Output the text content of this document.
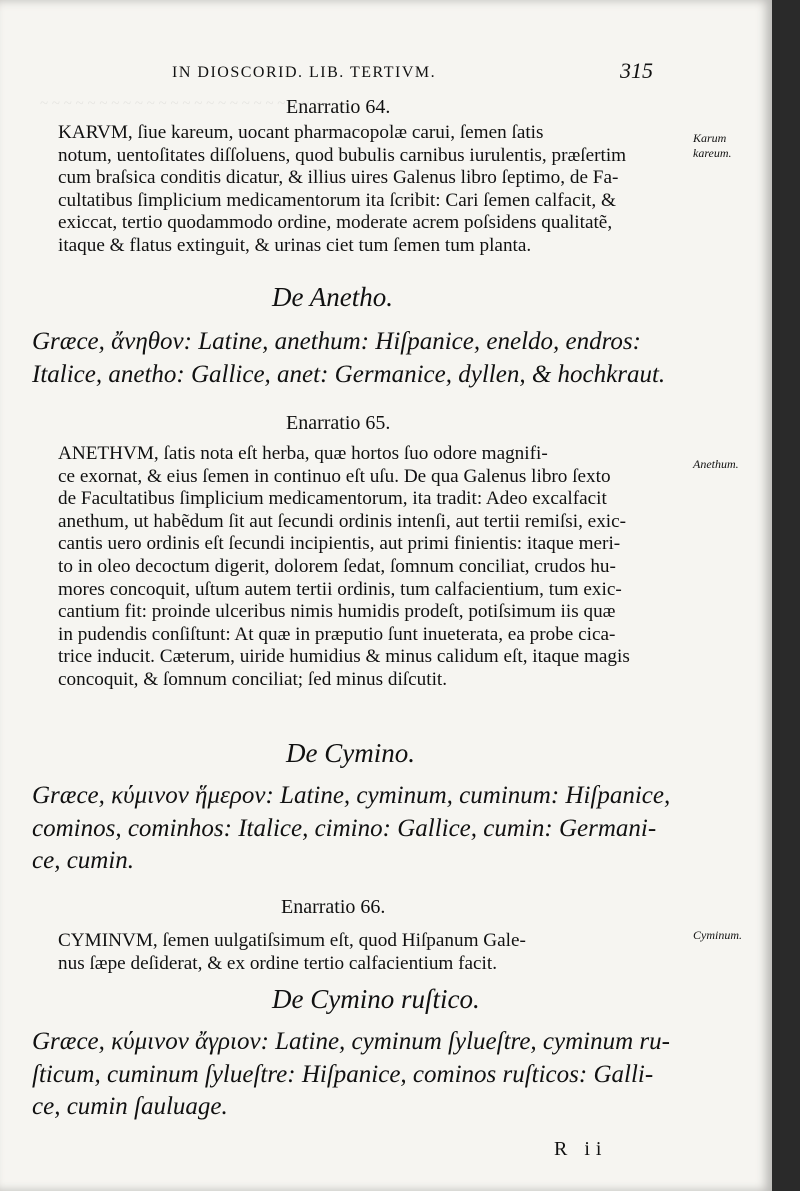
IN DIOSCORID. LIB. TERTIVM.	315
~ ~ ~ ~ ~ ~ ~ ~ ~ ~ ~ ~ ~ ~ ~ ~ ~ ~ ~ ~ ~ ~ ~ ~
Enarratio 64.
KARVM, ſiue kareum, uocant pharmacopolæ carui, ſemen ſatis
notum, uentoſitates diſſoluens, quod bubulis carnibus iurulentis, præſertim
cum braſsica conditis dicatur, & illius uires Galenus libro ſeptimo, de Fa-
cultatibus ſimplicium medicamentorum ita ſcribit: Cari ſemen calfacit, &
exiccat, tertio quodammodo ordine, moderate acrem poſsidens qualitatẽ,
itaque & flatus extinguit, & urinas ciet tum ſemen tum planta.
Karum
kareum.
De Anetho.
Græce, ἄνηθον: Latine, anethum: Hiſpanice, eneldo, endros:
Italice, anetho: Gallice, anet: Germanice, dyllen, & hochkraut.
Enarratio 65.
ANETHVM, ſatis nota eſt herba, quæ hortos ſuo odore magnifi-
ce exornat, & eius ſemen in continuo eſt uſu. De qua Galenus libro ſexto
de Facultatibus ſimplicium medicamentorum, ita tradit: Adeo excalfacit
anethum, ut habẽdum ſit aut ſecundi ordinis intenſi, aut tertii remiſsi, exic-
cantis uero ordinis eſt ſecundi incipientis, aut primi finientis: itaque meri-
to in oleo decoctum digerit, dolorem ſedat, ſomnum conciliat, crudos hu-
mores concoquit, uſtum autem tertii ordinis, tum calfacientium, tum exic-
cantium fit: proinde ulceribus nimis humidis prodeſt, potiſsimum iis quæ
in pudendis conſiſtunt: At quæ in præputio ſunt inueterata, ea probe cica-
trice inducit. Cæterum, uiride humidius & minus calidum eſt, itaque magis
concoquit, & ſomnum conciliat; ſed minus diſcutit.
Anethum.
De Cymino.
Græce, κύμινον ἥμερον: Latine, cyminum, cuminum: Hiſpanice,
cominos, cominhos: Italice, cimino: Gallice, cumin: Germani-
ce, cumin.
Enarratio 66.
CYMINVM, ſemen uulgatiſsimum eſt, quod Hiſpanum Gale-
nus ſæpe deſiderat, & ex ordine tertio calfacientium facit.
Cyminum.
De Cymino ruſtico.
Græce, κύμινον ἄγριον: Latine, cyminum ſylueſtre, cyminum ru-
ſticum, cuminum ſylueſtre: Hiſpanice, cominos ruſticos: Galli-
ce, cumin ſauluage.
R ii
